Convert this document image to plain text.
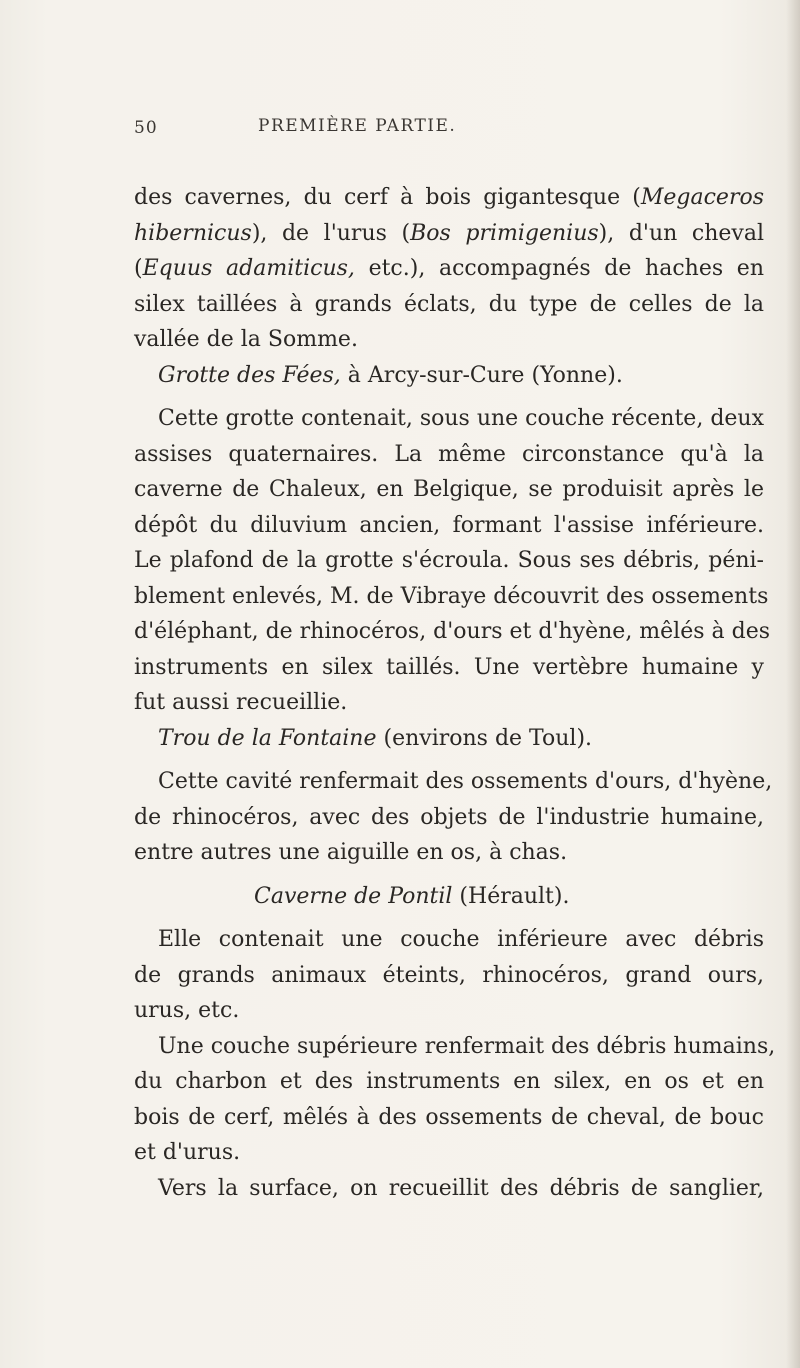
50	PREMIÈRE PARTIE.
des cavernes, du cerf à bois gigantesque (Megaceros
hibernicus), de l'urus (Bos primigenius), d'un cheval
(Equus adamiticus, etc.), accompagnés de haches en
silex taillées à grands éclats, du type de celles de la
vallée de la Somme.
Grotte des Fées, à Arcy-sur-Cure (Yonne).
Cette grotte contenait, sous une couche récente, deux
assises quaternaires. La même circonstance qu'à la
caverne de Chaleux, en Belgique, se produisit après le
dépôt du diluvium ancien, formant l'assise inférieure.
Le plafond de la grotte s'écroula. Sous ses débris, péni-
blement enlevés, M. de Vibraye découvrit des ossements
d'éléphant, de rhinocéros, d'ours et d'hyène, mêlés à des
instruments en silex taillés. Une vertèbre humaine y
fut aussi recueillie.
Trou de la Fontaine (environs de Toul).
Cette cavité renfermait des ossements d'ours, d'hyène,
de rhinocéros, avec des objets de l'industrie humaine,
entre autres une aiguille en os, à chas.
Caverne de Pontil (Hérault).
Elle contenait une couche inférieure avec débris
de grands animaux éteints, rhinocéros, grand ours,
urus, etc.
Une couche supérieure renfermait des débris humains,
du charbon et des instruments en silex, en os et en
bois de cerf, mêlés à des ossements de cheval, de bouc
et d'urus.
Vers la surface, on recueillit des débris de sanglier,
